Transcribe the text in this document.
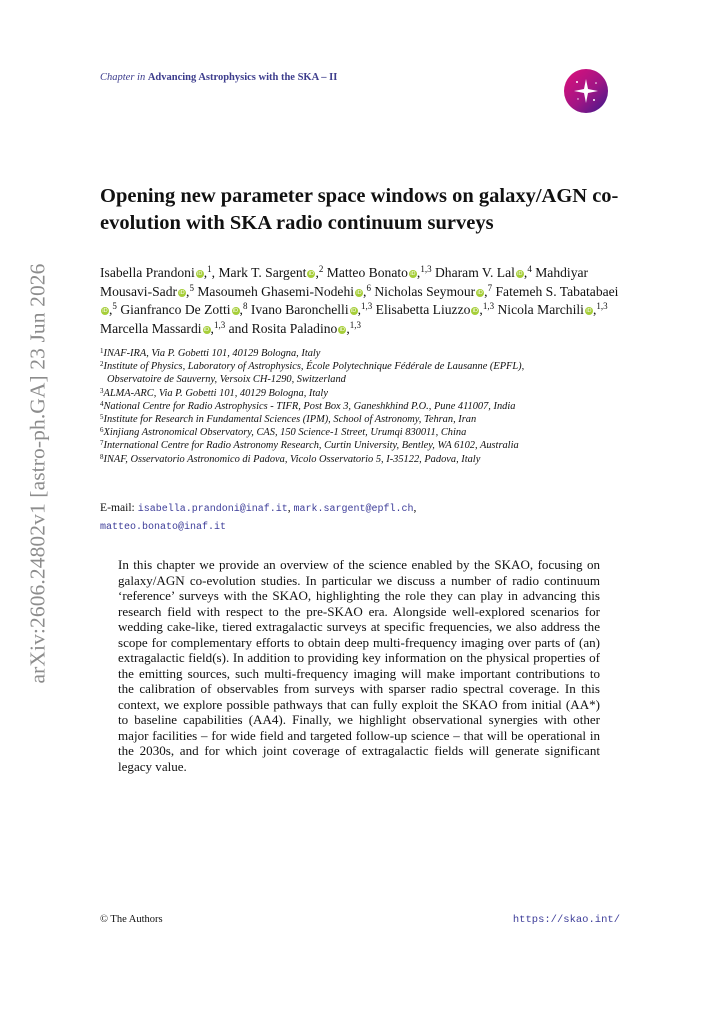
arXiv:2606.24802v1 [astro-ph.GA] 23 Jun 2026
Chapter in Advancing Astrophysics with the SKA – II
Opening new parameter space windows on galaxy/AGN co-evolution with SKA radio continuum surveys
Isabella Prandoni iD,$^1$, Mark T. Sargent iD,$^2$ Matteo Bonato iD,$^{1,3}$ Dharam V. Lal iD,$^4$ Mahdiyar Mousavi-Sadr iD,$^5$ Masoumeh Ghasemi-Nodehi iD,$^6$ Nicholas Seymour iD,$^7$ Fatemeh S. TabatabaeiiD,$^5$ Gianfranco De Zotti iD,$^8$ Ivano Baronchelli iD,$^{1,3}$ Elisabetta Liuzzo iD,$^{1,3}$ Nicola Marchili iD,$^{1,3}$ Marcella Massardi iD,$^{1,3}$ and Rosita Paladino iD,$^{1,3}$
$^1$INAF-IRA, Via P. Gobetti 101, 40129 Bologna, Italy
$^2$Institute of Physics, Laboratory of Astrophysics, École Polytechnique Fédérale de Lausanne (EPFL),
Observatoire de Sauverny, Versoix CH-1290, Switzerland
$^3$ALMA-ARC, Via P. Gobetti 101, 40129 Bologna, Italy
$^4$National Centre for Radio Astrophysics - TIFR, Post Box 3, Ganeshkhind P.O., Pune 411007, India
$^5$Institute for Research in Fundamental Sciences (IPM), School of Astronomy, Tehran, Iran
$^6$Xinjiang Astronomical Observatory, CAS, 150 Science-1 Street, Urumqi 830011, China
$^7$International Centre for Radio Astronomy Research, Curtin University, Bentley, WA 6102, Australia
$^8$INAF, Osservatorio Astronomico di Padova, Vicolo Osservatorio 5, I-35122, Padova, Italy
E-mail: isabella.prandoni@inaf.it, mark.sargent@epfl.ch,
matteo.bonato@inaf.it

In this chapter we provide an overview of the science enabled by the SKAO, focusing on galaxy/AGN co-evolution studies. In particular we discuss a number of radio continuum ‘reference’ surveys with the SKAO, highlighting the role they can play in advancing this research field with respect to the pre-SKAO era. Alongside well-explored scenarios for wedding cake-like, tiered extragalactic surveys at specific frequencies, we also address the scope for complementary efforts to obtain deep multi-frequency imaging over parts of (an) extragalactic field(s). In addition to providing key information on the physical properties of the emitting sources, such multi-frequency imaging will make important contributions to the calibration of observables from surveys with sparser radio spectral coverage. In this context, we explore possible pathways that can fully exploit the SKAO from initial (AA*) to baseline capabilities (AA4). Finally, we highlight observational synergies with other major facilities – for wide field and targeted follow-up science – that will be operational in the 2030s, and for which joint coverage of extragalactic fields will generate significant legacy value.

© The Authors	https://skao.int/
